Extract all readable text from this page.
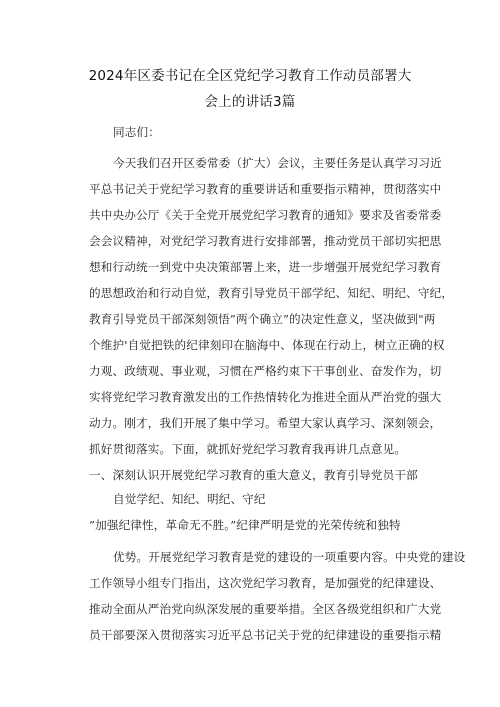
2024年区委书记在全区党纪学习教育工作动员部署大
会上的讲话3篇
同志们：
今天我们召开区委常委（扩大）会议，主要任务是认真学习习近
平总书记关于党纪学习教育的重要讲话和重要指示精神，贯彻落实中
共中央办公厅《关于全党开展党纪学习教育的通知》要求及省委常委
会会议精神，对党纪学习教育进行安排部署，推动党员干部切实把思
想和行动统一到党中央决策部署上来，进一步增强开展党纪学习教育
的思想政治和行动自觉，教育引导党员干部学纪、知纪、明纪、守纪，
教育引导党员干部深刻领悟”两个确立”的决定性意义，坚决做到"两
个维护'自觉把铁的纪律刻印在脑海中、体现在行动上，树立正确的权
力观、政绩观、事业观，习惯在严格约束下干事创业、奋发作为，切
实将党纪学习教育激发出的工作热情转化为推进全面从严治党的强大
动力。刚才，我们开展了集中学习。希望大家认真学习、深刻领会，
抓好贯彻落实。下面，就抓好党纪学习教育我再讲几点意见。
一、深刻认识开展党纪学习教育的重大意义，教育引导党员干部
自觉学纪、知纪、明纪、守纪
”加强纪律性，革命无不胜。”纪律严明是党的光荣传统和独特
优势。开展党纪学习教育是党的建设的一项重要内容。中央党的建设
工作领导小组专门指出，这次党纪学习教育，是加强党的纪律建设、
推动全面从严治党向纵深发展的重要举措。全区各级党组织和广大党
员干部要深入贯彻落实习近平总书记关于党的纪律建设的重要指示精
